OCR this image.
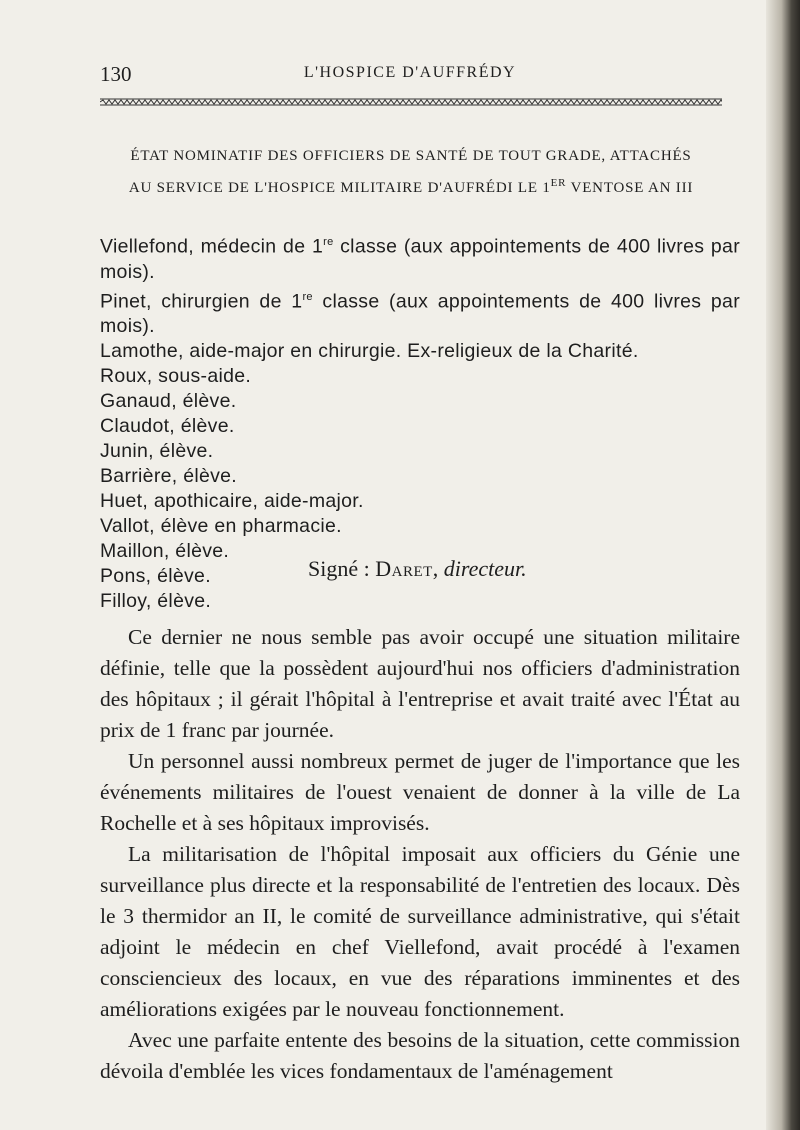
130	L'HOSPICE D'AUFFRÉDY
ÉTAT NOMINATIF DES OFFICIERS DE SANTÉ DE TOUT GRADE, ATTACHÉS
AU SERVICE DE L'HOSPICE MILITAIRE D'AUFRÉDI LE 1ER VENTOSE AN III

Viellefond, médecin de 1re classe (aux appointements de 400 livres par mois).

Pinet, chirurgien de 1re classe (aux appointements de 400 livres par mois).

Lamothe, aide-major en chirurgie. Ex-religieux de la Charité.

Roux, sous-aide.

Ganaud, élève.

Claudot, élève.

Junin, élève.

Barrière, élève.

Huet, apothicaire, aide-major.

Vallot, élève en pharmacie.

Maillon, élève.

Pons, élève.

Filloy, élève.

Signé : Daret, directeur.

Ce dernier ne nous semble pas avoir occupé une situation militaire définie, telle que la possèdent aujourd'hui nos officiers d'administration des hôpitaux ; il gérait l'hôpital à l'entreprise et avait traité avec l'État au prix de 1 franc par journée.

Un personnel aussi nombreux permet de juger de l'importance que les événements militaires de l'ouest venaient de donner à la ville de La Rochelle et à ses hôpitaux improvisés.

La militarisation de l'hôpital imposait aux officiers du Génie une surveillance plus directe et la responsabilité de l'entretien des locaux. Dès le 3 thermidor an II, le comité de surveillance administrative, qui s'était adjoint le médecin en chef Viellefond, avait procédé à l'examen consciencieux des locaux, en vue des réparations imminentes et des améliorations exigées par le nouveau fonctionnement.

Avec une parfaite entente des besoins de la situation, cette commission dévoila d'emblée les vices fondamentaux de l'aménagement
